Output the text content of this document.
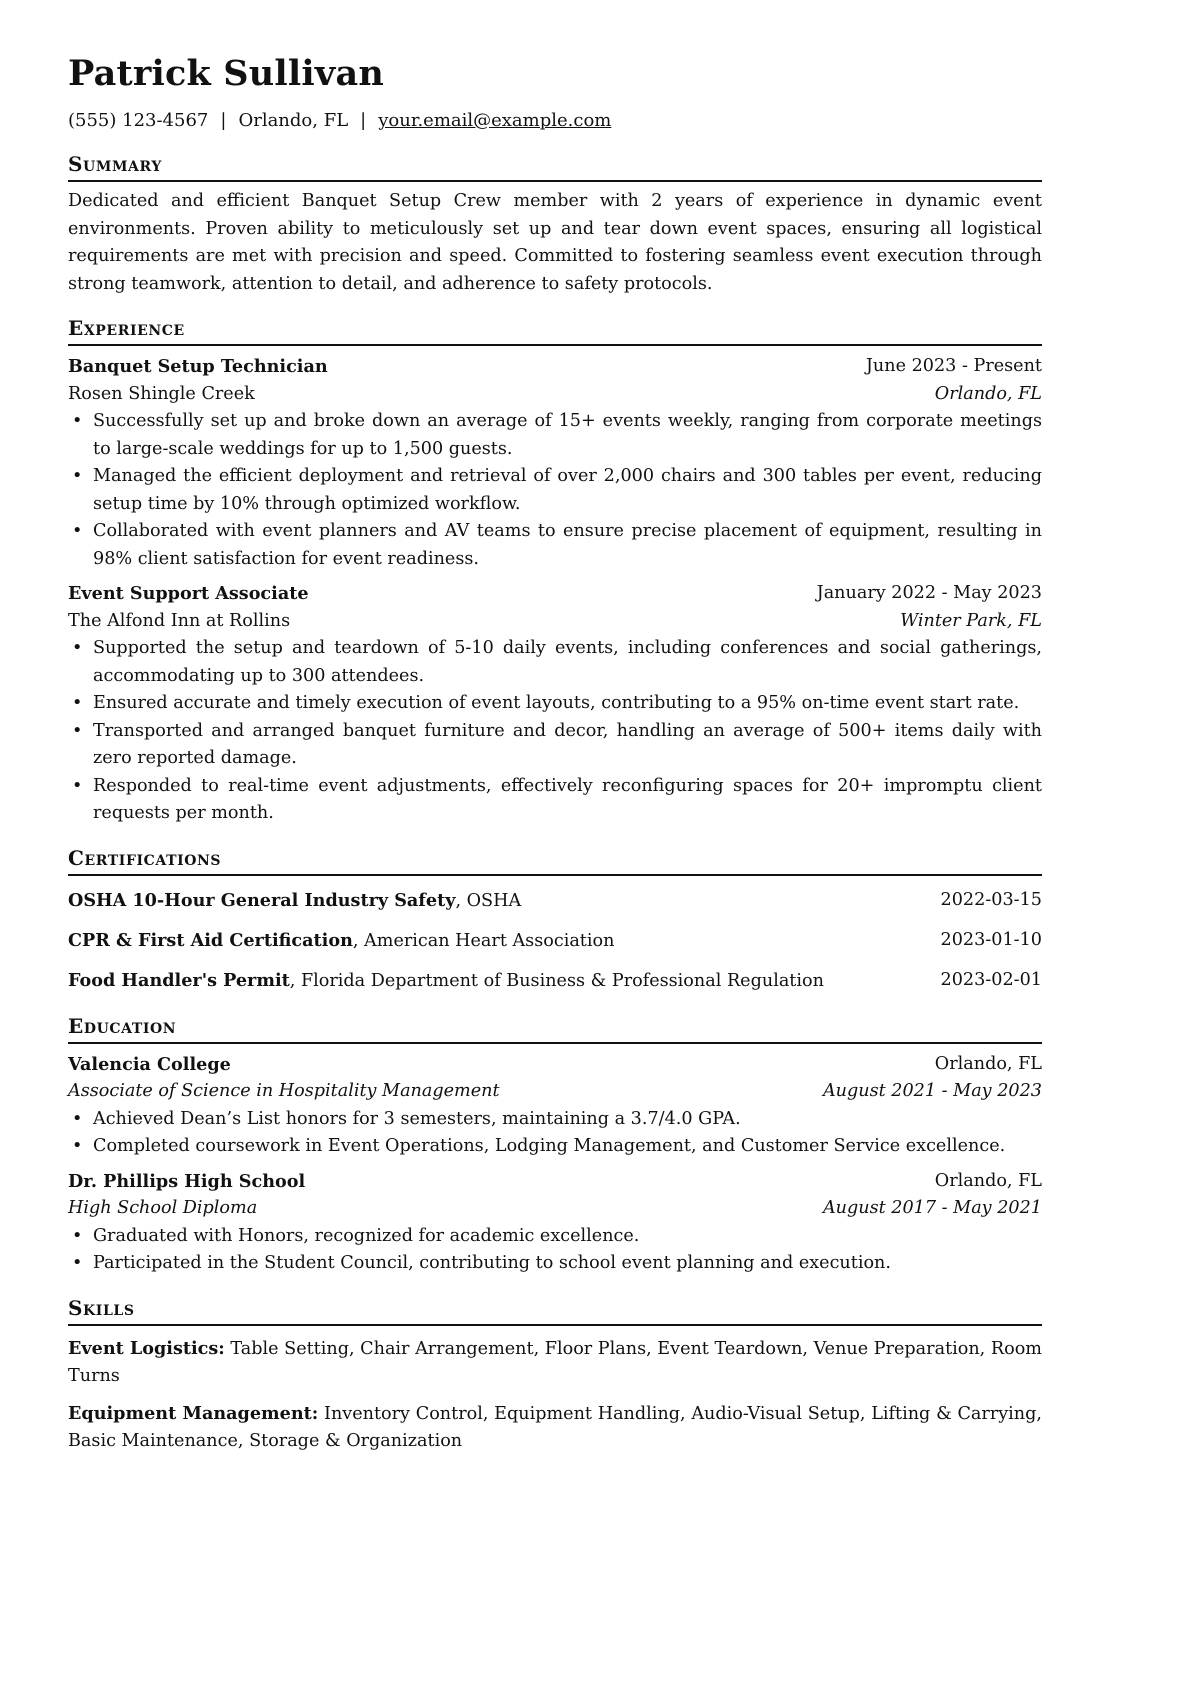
Patrick Sullivan
(555) 123-4567 | Orlando, FL | your.email@example.com
Summary
Dedicated and efficient Banquet Setup Crew member with 2 years of experience in dynamic event environments. Proven ability to meticulously set up and tear down event spaces, ensuring all logistical requirements are met with precision and speed. Committed to fostering seamless event execution through strong teamwork, attention to detail, and adherence to safety protocols.
Experience
Banquet Setup Technician	June 2023 - Present
Rosen Shingle Creek	Orlando, FL
• Successfully set up and broke down an average of 15+ events weekly, ranging from corporate meetings to large-scale weddings for up to 1,500 guests.
• Managed the efficient deployment and retrieval of over 2,000 chairs and 300 tables per event, reducing setup time by 10% through optimized workflow.
• Collaborated with event planners and AV teams to ensure precise placement of equipment, resulting in 98% client satisfaction for event readiness.
Event Support Associate	January 2022 - May 2023
The Alfond Inn at Rollins	Winter Park, FL
• Supported the setup and teardown of 5-10 daily events, including conferences and social gatherings, accommodating up to 300 attendees.
• Ensured accurate and timely execution of event layouts, contributing to a 95% on-time event start rate.
• Transported and arranged banquet furniture and decor, handling an average of 500+ items daily with zero reported damage.
• Responded to real-time event adjustments, effectively reconfiguring spaces for 20+ impromptu client requests per month.
Certifications
OSHA 10-Hour General Industry Safety, OSHA	2022-03-15
CPR & First Aid Certification, American Heart Association	2023-01-10
Food Handler's Permit, Florida Department of Business & Professional Regulation	2023-02-01
Education
Valencia College	Orlando, FL
Associate of Science in Hospitality Management	August 2021 - May 2023
• Achieved Dean’s List honors for 3 semesters, maintaining a 3.7/4.0 GPA.
• Completed coursework in Event Operations, Lodging Management, and Customer Service excellence.
Dr. Phillips High School	Orlando, FL
High School Diploma	August 2017 - May 2021
• Graduated with Honors, recognized for academic excellence.
• Participated in the Student Council, contributing to school event planning and execution.
Skills
Event Logistics: Table Setting, Chair Arrangement, Floor Plans, Event Teardown, Venue Preparation, Room Turns
Equipment Management: Inventory Control, Equipment Handling, Audio-Visual Setup, Lifting & Carrying, Basic Maintenance, Storage & Organization
